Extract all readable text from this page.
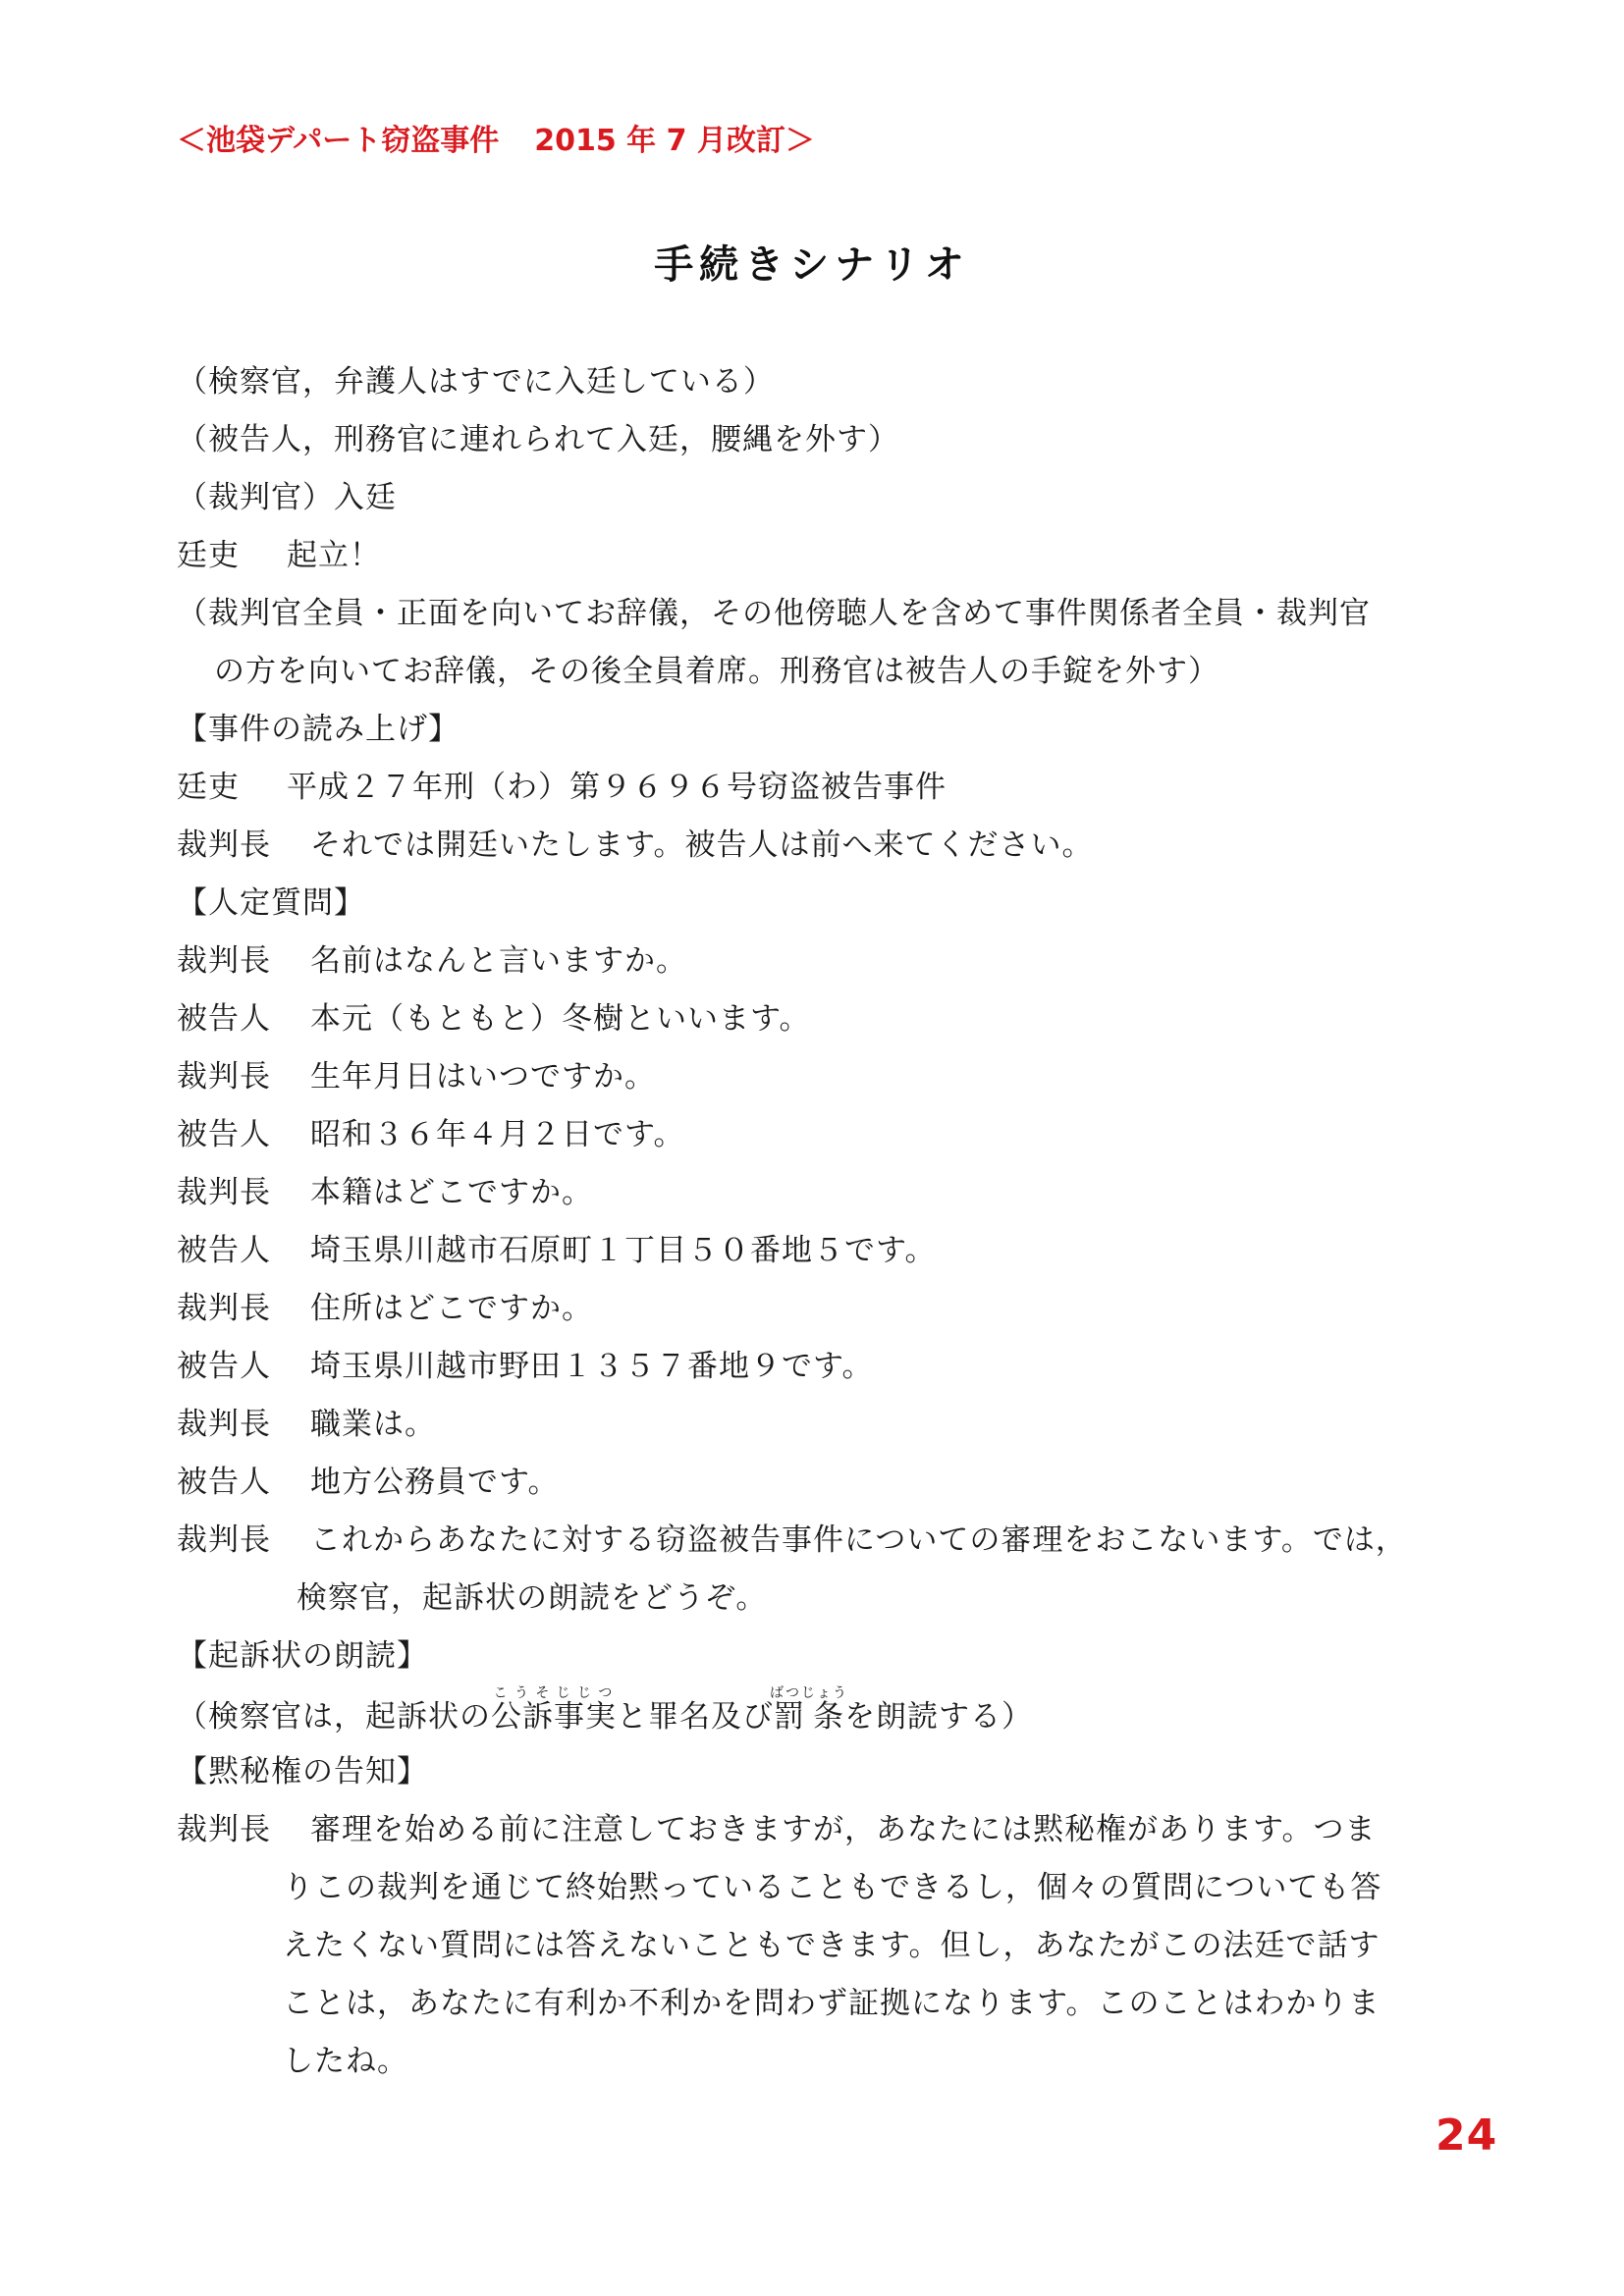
＜池袋デパート窃盗事件 2015 年 7 月改訂＞
手続きシナリオ
（検察官，弁護人はすでに入廷している）
（被告人，刑務官に連れられて入廷，腰縄を外す）
（裁判官）入廷
廷吏 起立！
（裁判官全員・正面を向いてお辞儀，その他傍聴人を含めて事件関係者全員・裁判官
の方を向いてお辞儀，その後全員着席。刑務官は被告人の手錠を外す）
【事件の読み上げ】
廷吏 平成２７年刑（わ）第９６９６号窃盗被告事件
裁判長 それでは開廷いたします。被告人は前へ来てください。
【人定質問】
裁判長 名前はなんと言いますか。
被告人 本元（もともと）冬樹といいます。
裁判長 生年月日はいつですか。
被告人 昭和３６年４月２日です。
裁判長 本籍はどこですか。
被告人 埼玉県川越市石原町１丁目５０番地５です。
裁判長 住所はどこですか。
被告人 埼玉県川越市野田１３５７番地９です。
裁判長 職業は。
被告人 地方公務員です。
裁判長 これからあなたに対する窃盗被告事件についての審理をおこないます。では，
検察官，起訴状の朗読をどうぞ。
【起訴状の朗読】
（検察官は，起訴状の公訴事実こうそじじつと罪名及び罰条ばつじょうを朗読する）
【黙秘権の告知】
裁判長 審理を始める前に注意しておきますが，あなたには黙秘権があります。つま
りこの裁判を通じて終始黙っていることもできるし，個々の質問についても答
えたくない質問には答えないこともできます。但し，あなたがこの法廷で話す
ことは，あなたに有利か不利かを問わず証拠になります。このことはわかりま
したね。
24
